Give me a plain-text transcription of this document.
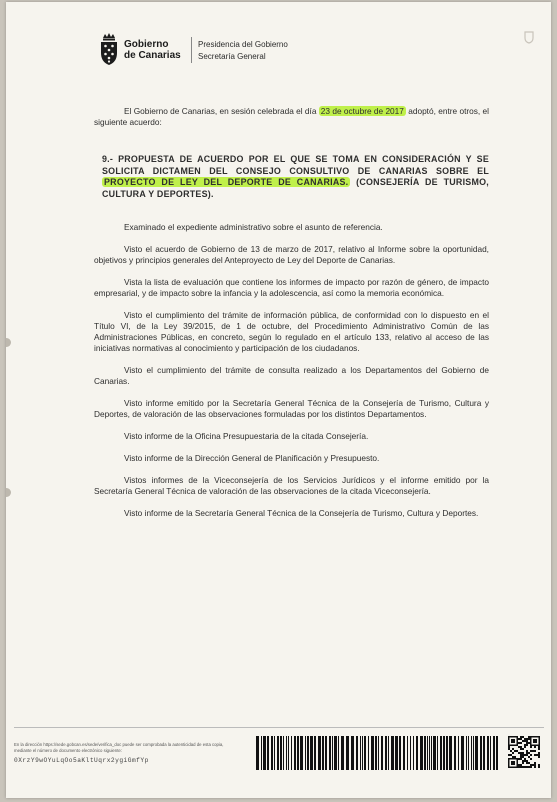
Gobierno
de Canarias
Presidencia del Gobierno
Secretaría General

El Gobierno de Canarias, en sesión celebrada el día 23 de octubre de 2017 adoptó, entre otros, el siguiente acuerdo:

9.- PROPUESTA DE ACUERDO POR EL QUE SE TOMA EN CONSIDERACIÓN Y SE SOLICITA DICTAMEN DEL CONSEJO CONSULTIVO DE CANARIAS SOBRE EL PROYECTO DE LEY DEL DEPORTE DE CANARIAS. (CONSEJERÍA DE TURISMO, CULTURA Y DEPORTES).

Examinado el expediente administrativo sobre el asunto de referencia.

Visto el acuerdo de Gobierno de 13 de marzo de 2017, relativo al Informe sobre la oportunidad, objetivos y principios generales del Anteproyecto de Ley del Deporte de Canarias.

Vista la lista de evaluación que contiene los informes de impacto por razón de género, de impacto empresarial, y de impacto sobre la infancia y la adolescencia, así como la memoria económica.

Visto el cumplimiento del trámite de información pública, de conformidad con lo dispuesto en el Título VI, de la Ley 39/2015, de 1 de octubre, del Procedimiento Administrativo Común de las Administraciones Públicas, en concreto, según lo regulado en el artículo 133, relativo al acceso de las iniciativas normativas al conocimiento y participación de los ciudadanos.

Visto el cumplimiento del trámite de consulta realizado a los Departamentos del Gobierno de Canarias.

Visto informe emitido por la Secretaría General Técnica de la Consejería de Turismo, Cultura y Deportes, de valoración de las observaciones formuladas por los distintos Departamentos.

Visto informe de la Oficina Presupuestaria de la citada Consejería.

Visto informe de la Dirección General de Planificación y Presupuesto.

Vistos informes de la Viceconsejería de los Servicios Jurídicos y el informe emitido por la Secretaría General Técnica de valoración de las observaciones de la citada Viceconsejería.

Visto informe de la Secretaría General Técnica de la Consejería de Turismo, Cultura y Deportes.

En la dirección https://sede.gobcan.es/sede/verifica_doc puede ser comprobada la autenticidad de esta copia, mediante el número de documento electrónico siguiente:
0XrzY9wOYuLqOo5aKltUqrx2ygiGmfYp
